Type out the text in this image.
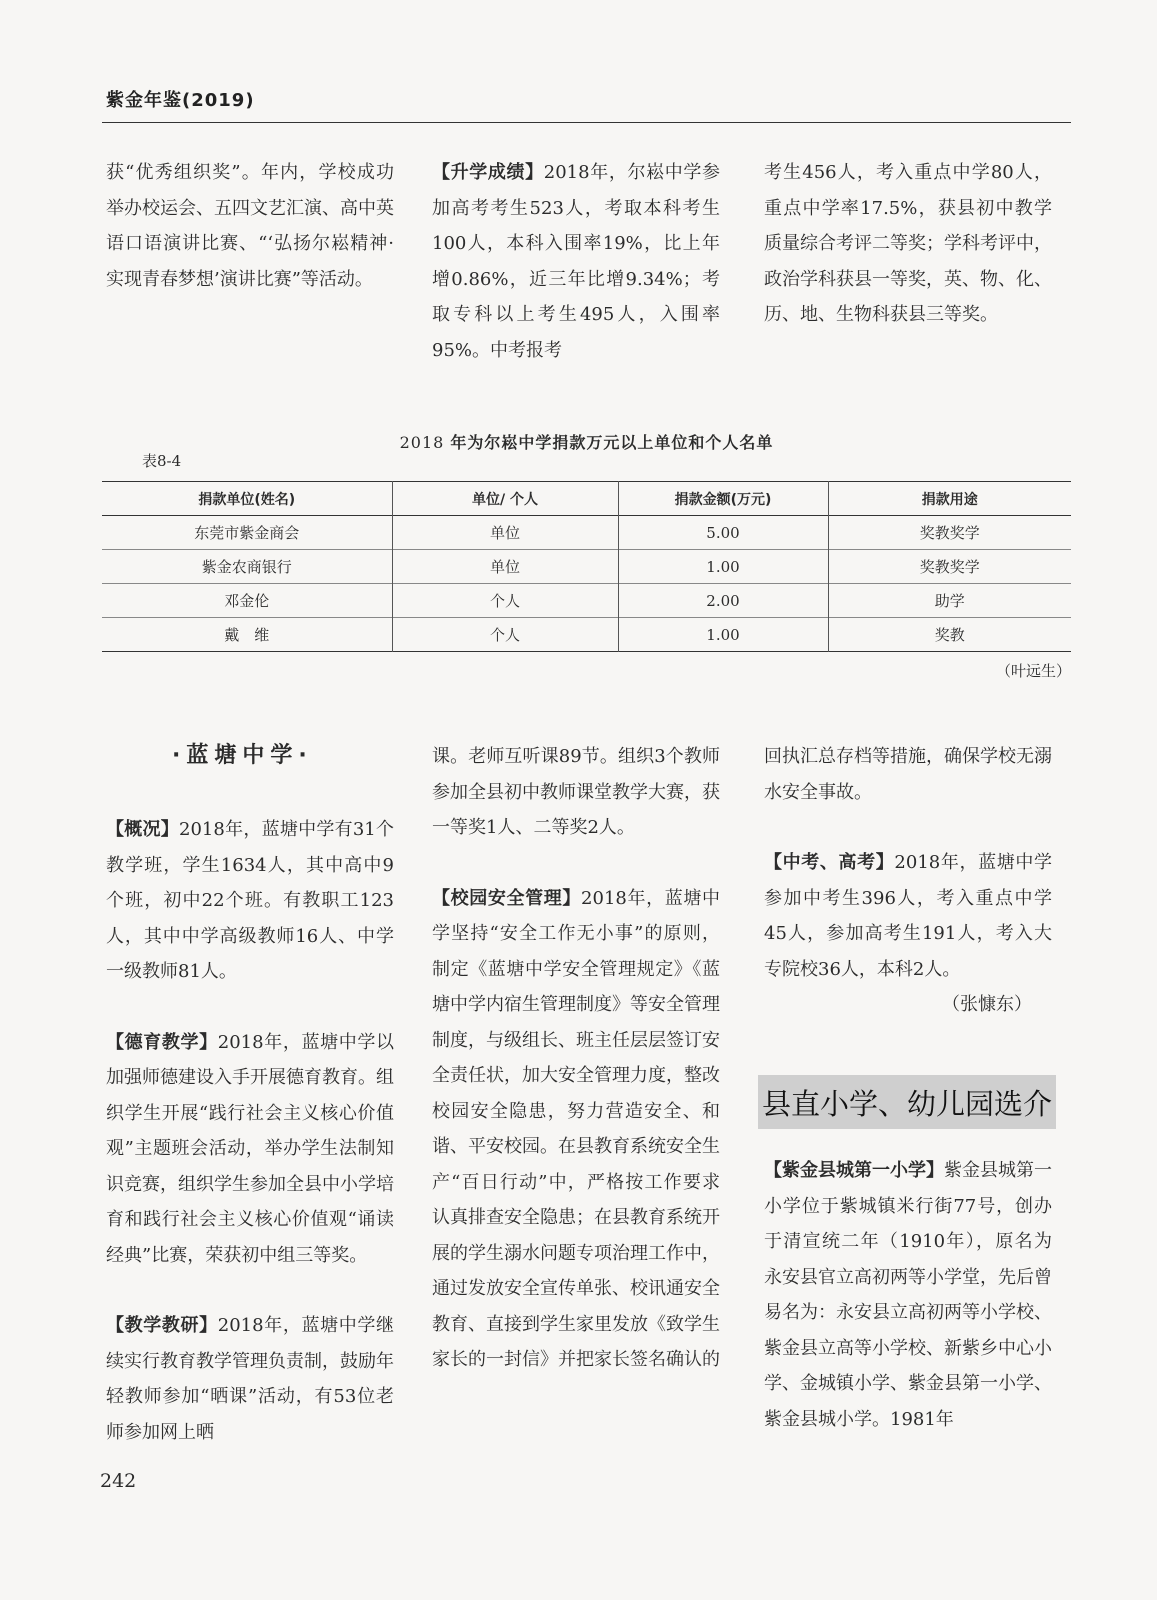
紫金年鉴(2019)

获“优秀组织奖”。年内，学校成功举办校运会、五四文艺汇演、高中英语口语演讲比赛、“‘弘扬尔崧精神·实现青春梦想’演讲比赛”等活动。

【升学成绩】2018年，尔崧中学参加高考考生523人，考取本科考生100人，本科入围率19%，比上年增0.86%，近三年比增9.34%；考取专科以上考生495人，入围率95%。中考报考

考生456人，考入重点中学80人，重点中学率17.5%，获县初中教学质量综合考评二等奖；学科考评中，政治学科获县一等奖，英、物、化、历、地、生物科获县三等奖。

2018 年为尔崧中学捐款万元以上单位和个人名单
表8-4
捐款单位(姓名)	单位/ 个人	捐款金额(万元)	捐款用途
东莞市紫金商会	单位	5.00	奖教奖学
紫金农商银行	单位	1.00	奖教奖学
邓金伦	个人	2.00	助学
戴　维	个人	1.00	奖教
（叶远生）
·蓝塘中学·

【概况】2018年，蓝塘中学有31个教学班，学生1634人，其中高中9个班，初中22个班。有教职工123人，其中中学高级教师16人、中学一级教师81人。

【德育教学】2018年，蓝塘中学以加强师德建设入手开展德育教育。组织学生开展“践行社会主义核心价值观”主题班会活动，举办学生法制知识竞赛，组织学生参加全县中小学培育和践行社会主义核心价值观“诵读经典”比赛，荣获初中组三等奖。

【教学教研】2018年，蓝塘中学继续实行教育教学管理负责制，鼓励年轻教师参加“晒课”活动，有53位老师参加网上晒

课。老师互听课89节。组织3个教师参加全县初中教师课堂教学大赛，获一等奖1人、二等奖2人。

【校园安全管理】2018年，蓝塘中学坚持“安全工作无小事”的原则，制定《蓝塘中学安全管理规定》《蓝塘中学内宿生管理制度》等安全管理制度，与级组长、班主任层层签订安全责任状，加大安全管理力度，整改校园安全隐患，努力营造安全、和谐、平安校园。在县教育系统安全生产“百日行动”中，严格按工作要求认真排查安全隐患；在县教育系统开展的学生溺水问题专项治理工作中，通过发放安全宣传单张、校讯通安全教育、直接到学生家里发放《致学生家长的一封信》并把家长签名确认的

回执汇总存档等措施，确保学校无溺水安全事故。

【中考、高考】2018年，蓝塘中学参加中考生396人，考入重点中学45人，参加高考生191人，考入大专院校36人，本科2人。

（张慷东）

县直小学、幼儿园选介

【紫金县城第一小学】紫金县城第一小学位于紫城镇米行街77号，创办于清宣统二年（1910年），原名为永安县官立高初两等小学堂，先后曾易名为：永安县立高初两等小学校、紫金县立高等小学校、新紫乡中心小学、金城镇小学、紫金县第一小学、紫金县城小学。1981年

242
